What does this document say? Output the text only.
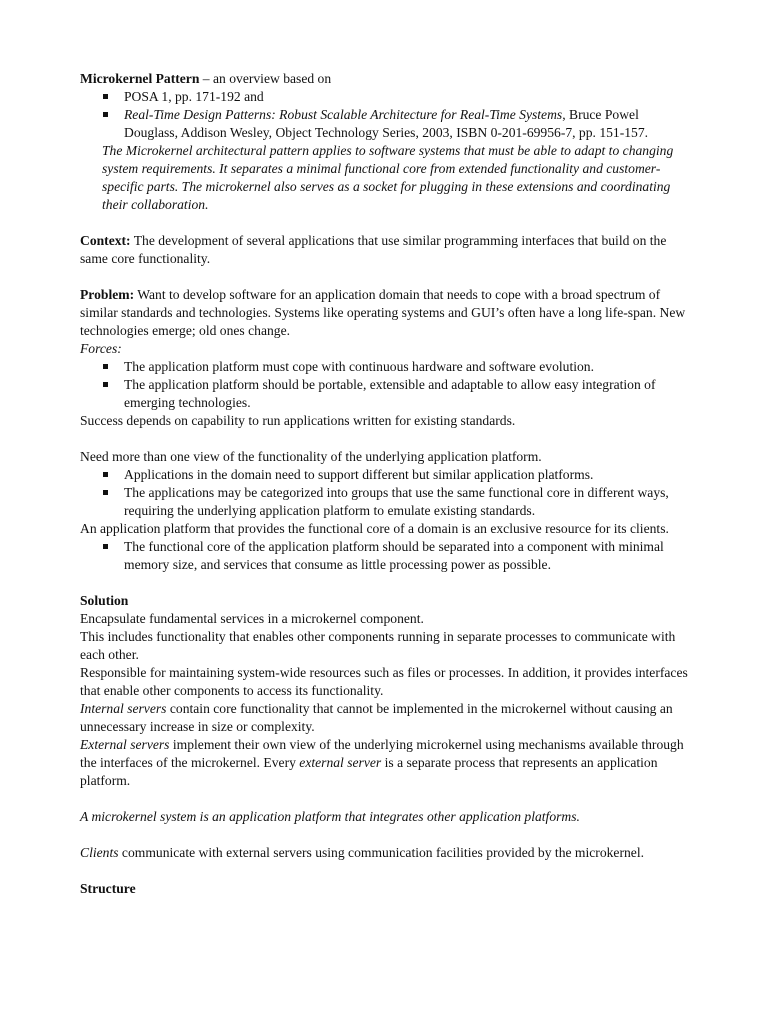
Microkernel Pattern – an overview based on

POSA 1, pp. 171-192 and
Real-Time Design Patterns: Robust Scalable Architecture for Real-Time Systems, Bruce Powel Douglass, Addison Wesley, Object Technology Series, 2003, ISBN 0-201-69956-7, pp. 151-157.

The Microkernel architectural pattern applies to software systems that must be able to adapt to changing system requirements. It separates a minimal functional core from extended functionality and customer-specific parts. The microkernel also serves as a socket for plugging in these extensions and coordinating their collaboration.

Context: The development of several applications that use similar programming interfaces that build on the same core functionality.

Problem: Want to develop software for an application domain that needs to cope with a broad spectrum of similar standards and technologies. Systems like operating systems and GUI’s often have a long life-span. New technologies emerge; old ones change.

Forces:

The application platform must cope with continuous hardware and software evolution.
The application platform should be portable, extensible and adaptable to allow easy integration of emerging technologies.

Success depends on capability to run applications written for existing standards.

Need more than one view of the functionality of the underlying application platform.

Applications in the domain need to support different but similar application platforms.
The applications may be categorized into groups that use the same functional core in different ways, requiring the underlying application platform to emulate existing standards.

An application platform that provides the functional core of a domain is an exclusive resource for its clients.

The functional core of the application platform should be separated into a component with minimal memory size, and services that consume as little processing power as possible.

Solution

Encapsulate fundamental services in a microkernel component.

This includes functionality that enables other components running in separate processes to communicate with each other.

Responsible for maintaining system-wide resources such as files or processes. In addition, it provides interfaces that enable other components to access its functionality.

Internal servers contain core functionality that cannot be implemented in the microkernel without causing an unnecessary increase in size or complexity.

External servers implement their own view of the underlying microkernel using mechanisms available through the interfaces of the microkernel. Every external server is a separate process that represents an application platform.

A microkernel system is an application platform that integrates other application platforms.

Clients communicate with external servers using communication facilities provided by the microkernel.

Structure
